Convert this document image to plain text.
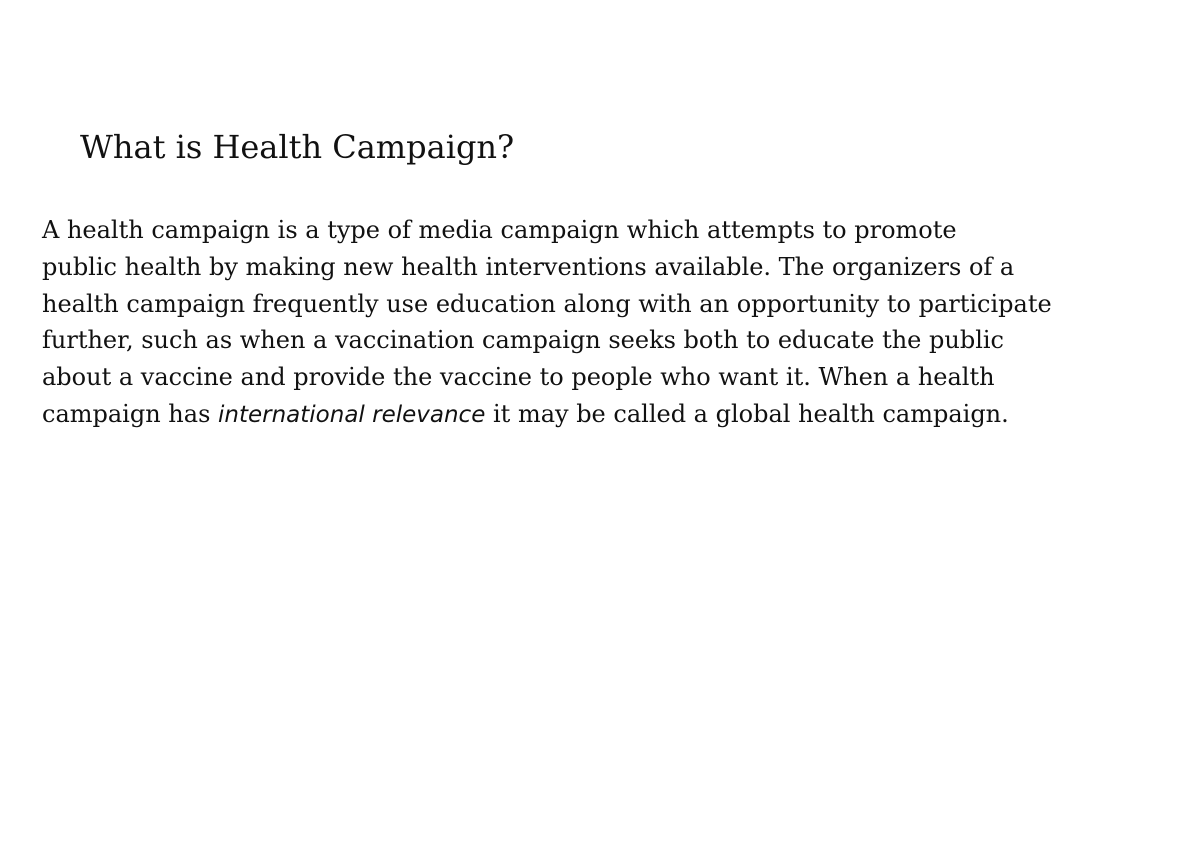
What is Health Campaign?

A health campaign is a type of media campaign which attempts to promote
public health by making new health interventions available. The organizers of a
health campaign frequently use education along with an opportunity to participate
further, such as when a vaccination campaign seeks both to educate the public
about a vaccine and provide the vaccine to people who want it. When a health
campaign has international relevance it may be called a global health campaign.
